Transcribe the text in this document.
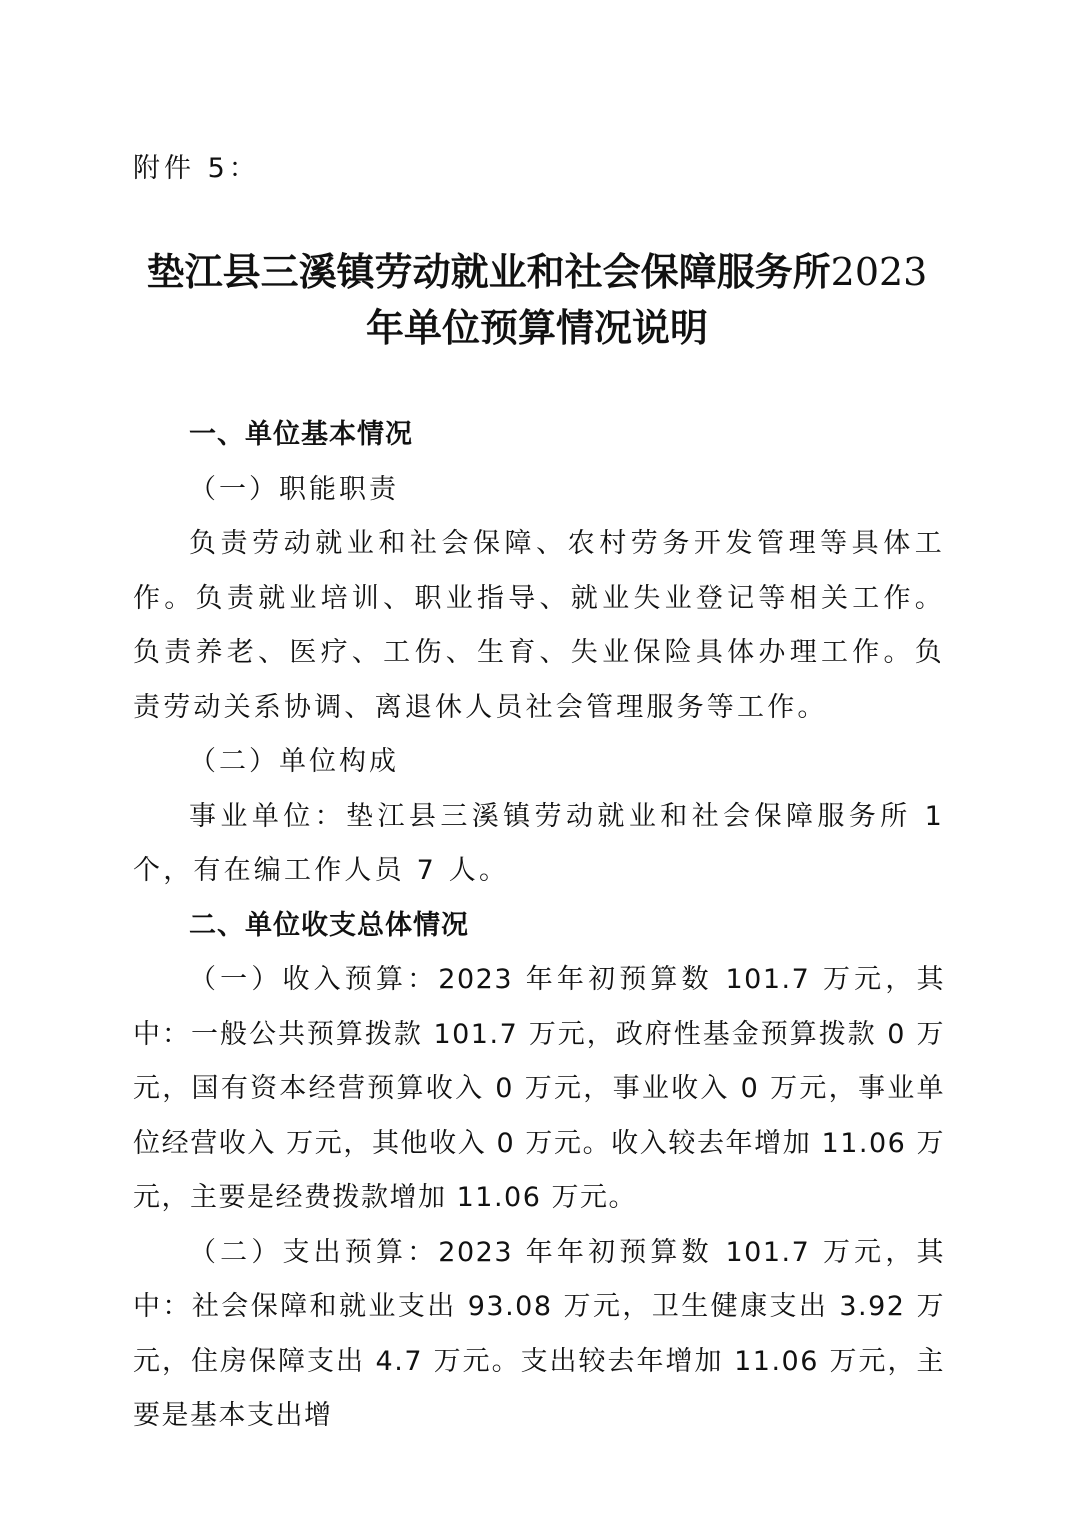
附件 5：
垫江县三溪镇劳动就业和社会保障服务所2023
年单位预算情况说明
一、单位基本情况
（一）职能职责

负责劳动就业和社会保障、农村劳务开发管理等具体工作。负责就业培训、职业指导、就业失业登记等相关工作。负责养老、医疗、工伤、生育、失业保险具体办理工作。负责劳动关系协调、离退休人员社会管理服务等工作。

（二）单位构成

事业单位：垫江县三溪镇劳动就业和社会保障服务所 1 个，有在编工作人员 7 人。

二、单位收支总体情况

（一）收入预算：2023 年年初预算数 101.7 万元，其中：一般公共预算拨款 101.7 万元，政府性基金预算拨款 0 万元，国有资本经营预算收入 0 万元，事业收入 0 万元，事业单位经营收入 万元，其他收入 0 万元。收入较去年增加 11.06 万元，主要是经费拨款增加 11.06 万元。

（二）支出预算：2023 年年初预算数 101.7 万元，其中：社会保障和就业支出 93.08 万元，卫生健康支出 3.92 万元，住房保障支出 4.7 万元。支出较去年增加 11.06 万元，主要是基本支出增
